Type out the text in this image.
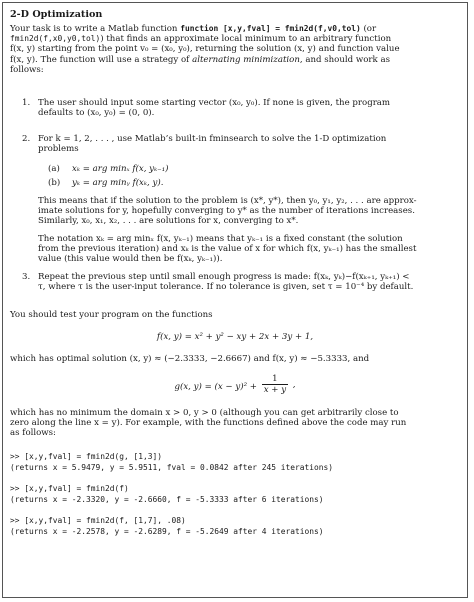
2-D Optimization

Your task is to write a Matlab function function [x,y,fval] = fmin2d(f,v0,tol) (or

fmin2d(f,x0,y0,tol)) that finds an approximate local minimum to an arbitrary function

f(x, y) starting from the point v₀ = (x₀, y₀), returning the solution (x, y) and function value

f(x, y). The function will use a strategy of alternating minimization, and should work as

follows:

1. The user should input some starting vector (x₀, y₀). If none is given, the program

defaults to (x₀, y₀) = (0, 0).

2. For k = 1, 2, . . . , use Matlab’s built-in fminsearch to solve the 1-D optimization

problems

(a) xₖ = arg minₓ f(x, yₖ₋₁)
(b) yₖ = arg minᵧ f(xₖ, y).

This means that if the solution to the problem is (x*, y*), then y₀, y₁, y₂, . . . are approx-

imate solutions for y, hopefully converging to y* as the number of iterations increases.

Similarly, x₀, x₁, x₂, . . . are solutions for x, converging to x*.

The notation xₖ = arg minₓ f(x, yₖ₋₁) means that yₖ₋₁ is a fixed constant (the solution

from the previous iteration) and xₖ is the value of x for which f(x, yₖ₋₁) has the smallest

value (this value would then be f(xₖ, yₖ₋₁)).

3. Repeat the previous step until small enough progress is made: f(xₖ, yₖ)−f(xₖ₊₁, yₖ₊₁) <

τ, where τ is the user-input tolerance. If no tolerance is given, set τ = 10⁻⁴ by default.

You should test your program on the functions

f(x, y) = x² + y² − xy + 2x + 3y + 1,

which has optimal solution (x, y) ≈ (−2.3333, −2.6667) and f(x, y) ≈ −5.3333, and

g(x, $y) = (x - y)^2 + \frac{1}{x + y}$ ,

which has no minimum the domain x > 0, y > 0 (although you can get arbitrarily close to

zero along the line x = y). For example, with the functions defined above the code may run

as follows:

>> [x,y,fval] = fmin2d(g, [1,3])
(returns x = 5.9479, y = 5.9511, fval = 0.0842 after 245 iterations)
>> [x,y,fval] = fmin2d(f)
(returns x = -2.3320, y = -2.6660, f = -5.3333 after 6 iterations)
>> [x,y,fval] = fmin2d(f, [1,7], .08)
(returns x = -2.2578, y = -2.6289, f = -5.2649 after 4 iterations)
